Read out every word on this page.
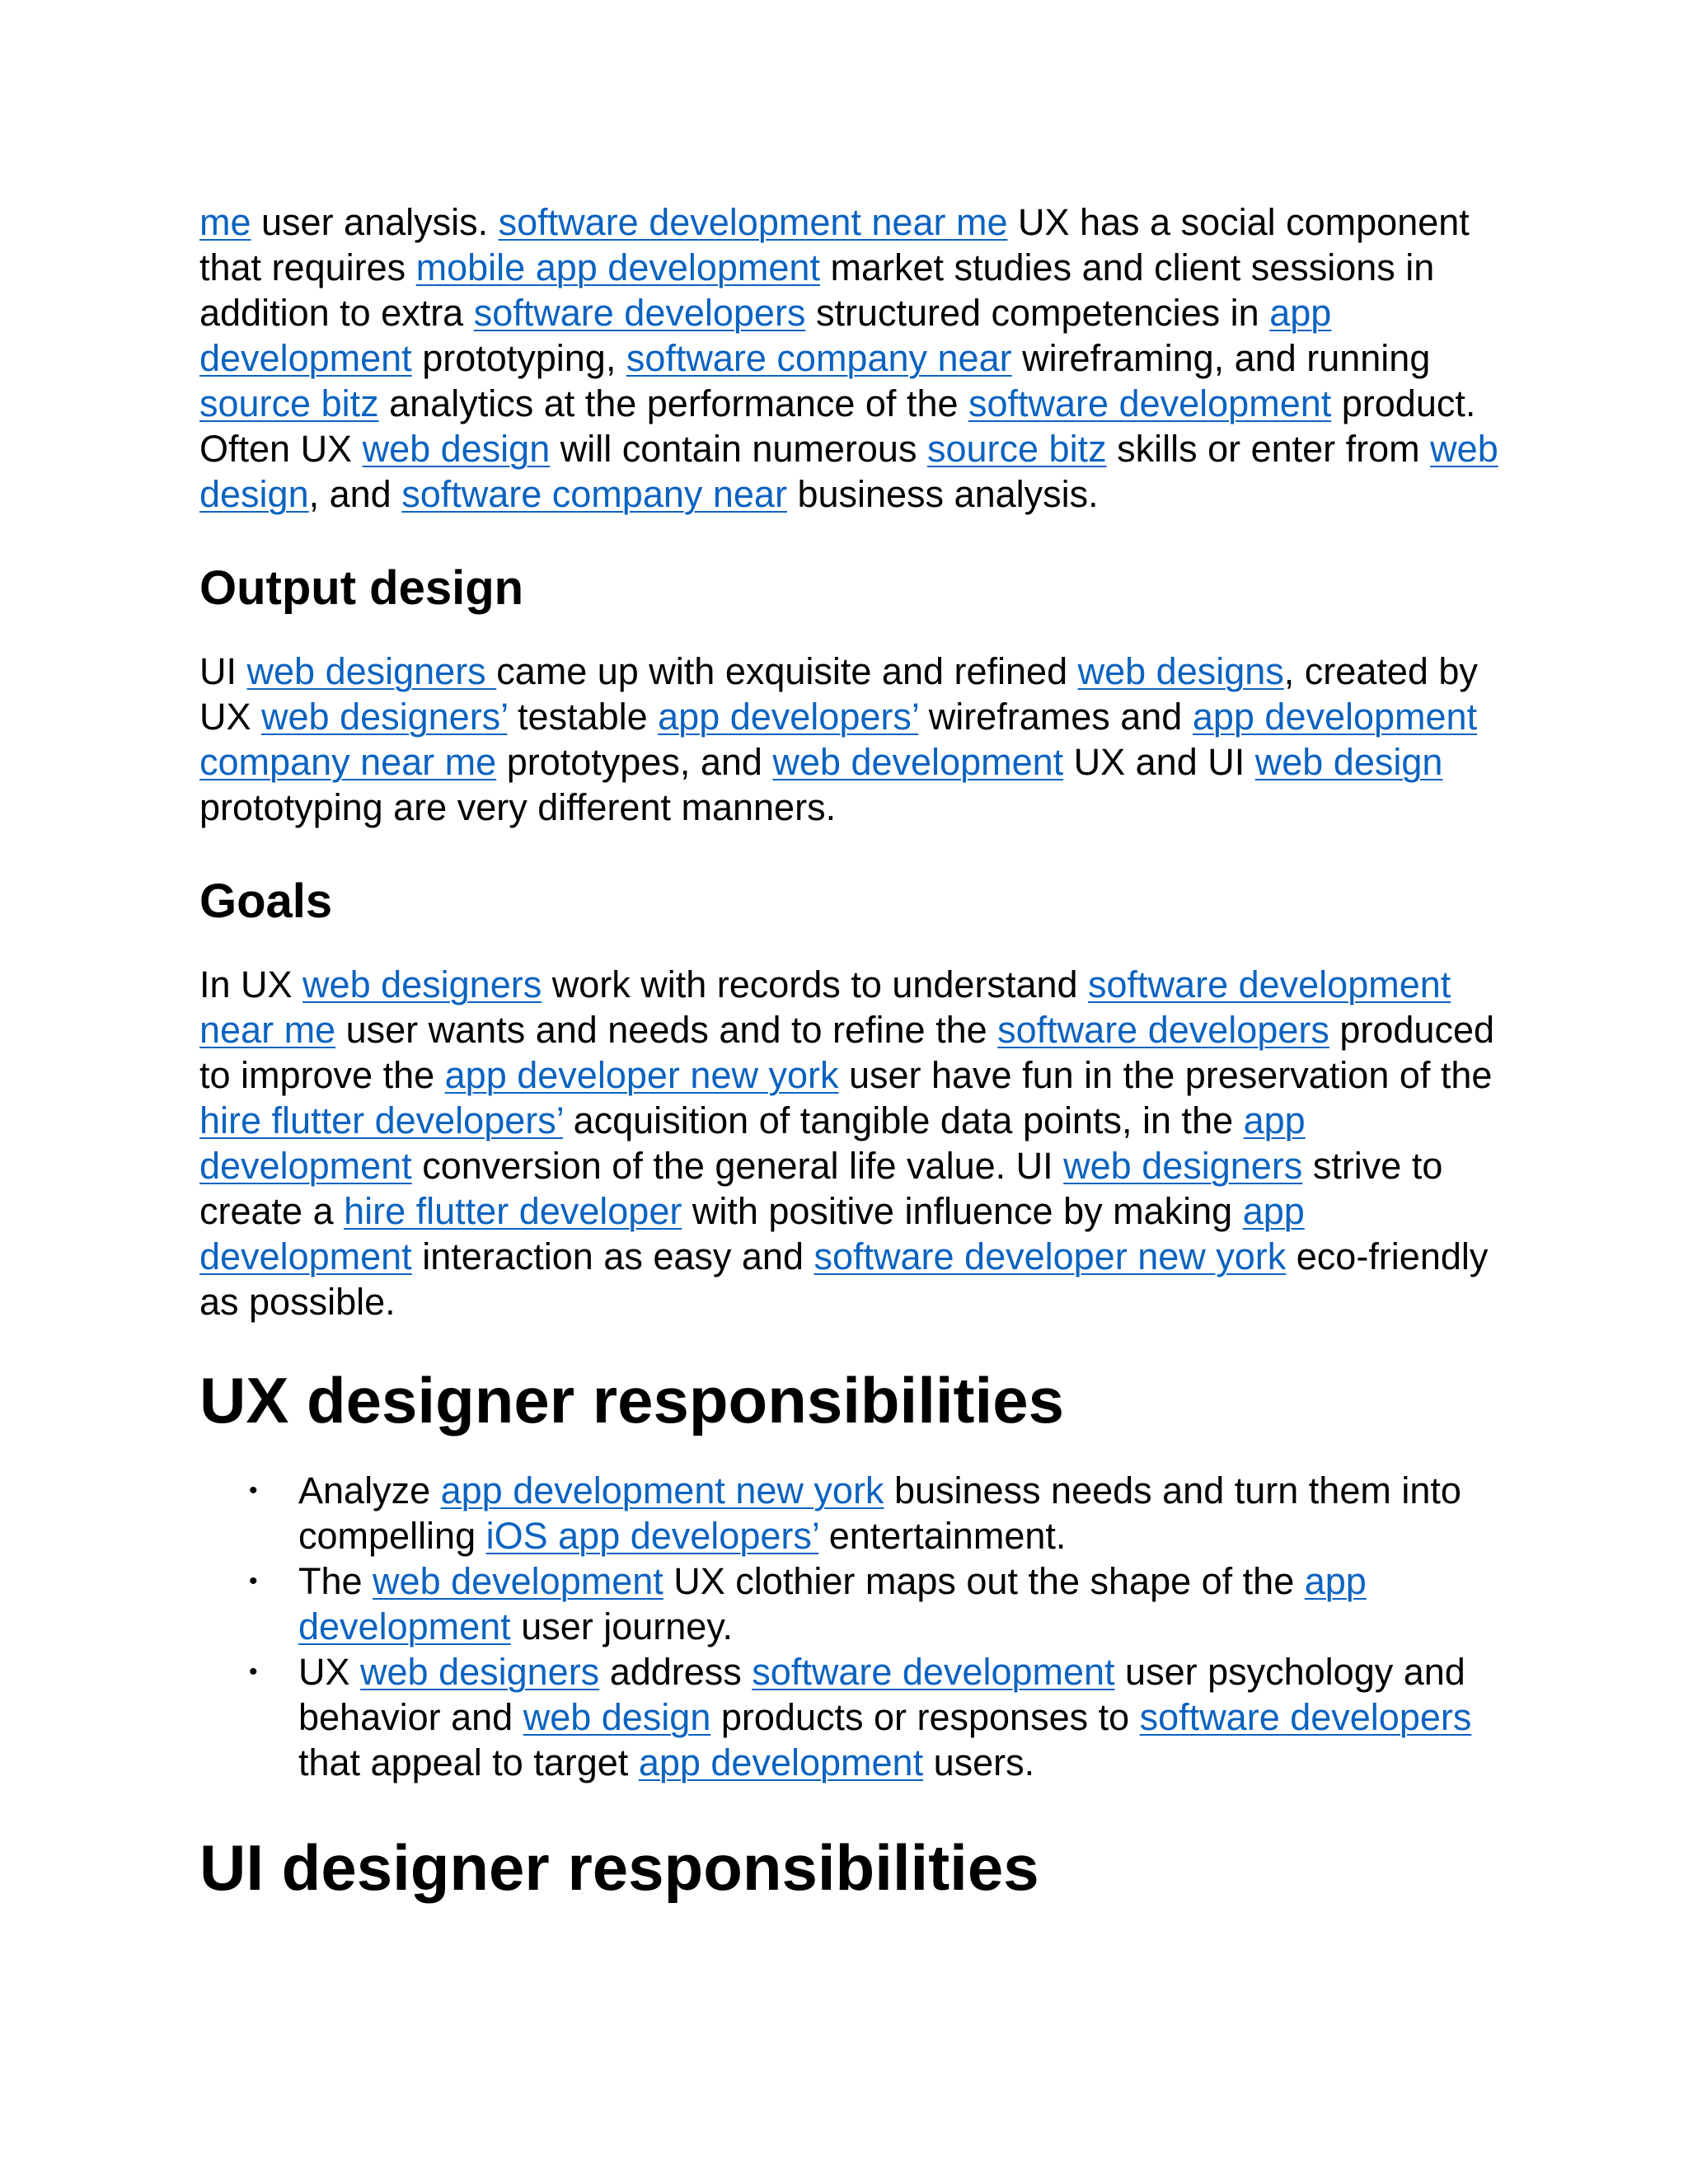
me user analysis. software development near me UX has a social component that requires mobile app development market studies and client sessions in addition to extra software developers structured competencies in app development prototyping, software company near wireframing, and running source bitz analytics at the performance of the software development product. Often UX web design will contain numerous source bitz skills or enter from web design, and software company near business analysis.

Output design

UI web designers came up with exquisite and refined web designs, created by UX web designers’ testable app developers’ wireframes and app development company near me prototypes, and web development UX and UI web design prototyping are very different manners.

Goals

In UX web designers work with records to understand software development near me user wants and needs and to refine the software developers produced to improve the app developer new york user have fun in the preservation of the hire flutter developers’ acquisition of tangible data points, in the app development conversion of the general life value. UI web designers strive to create a hire flutter developer with positive influence by making app development interaction as easy and software developer new york eco-friendly as possible.

UX designer responsibilities
• Analyze app development new york business needs and turn them into compelling iOS app developers’ entertainment.
• The web development UX clothier maps out the shape of the app development user journey.
• UX web designers address software development user psychology and behavior and web design products or responses to software developers that appeal to target app development users.
UI designer responsibilities
